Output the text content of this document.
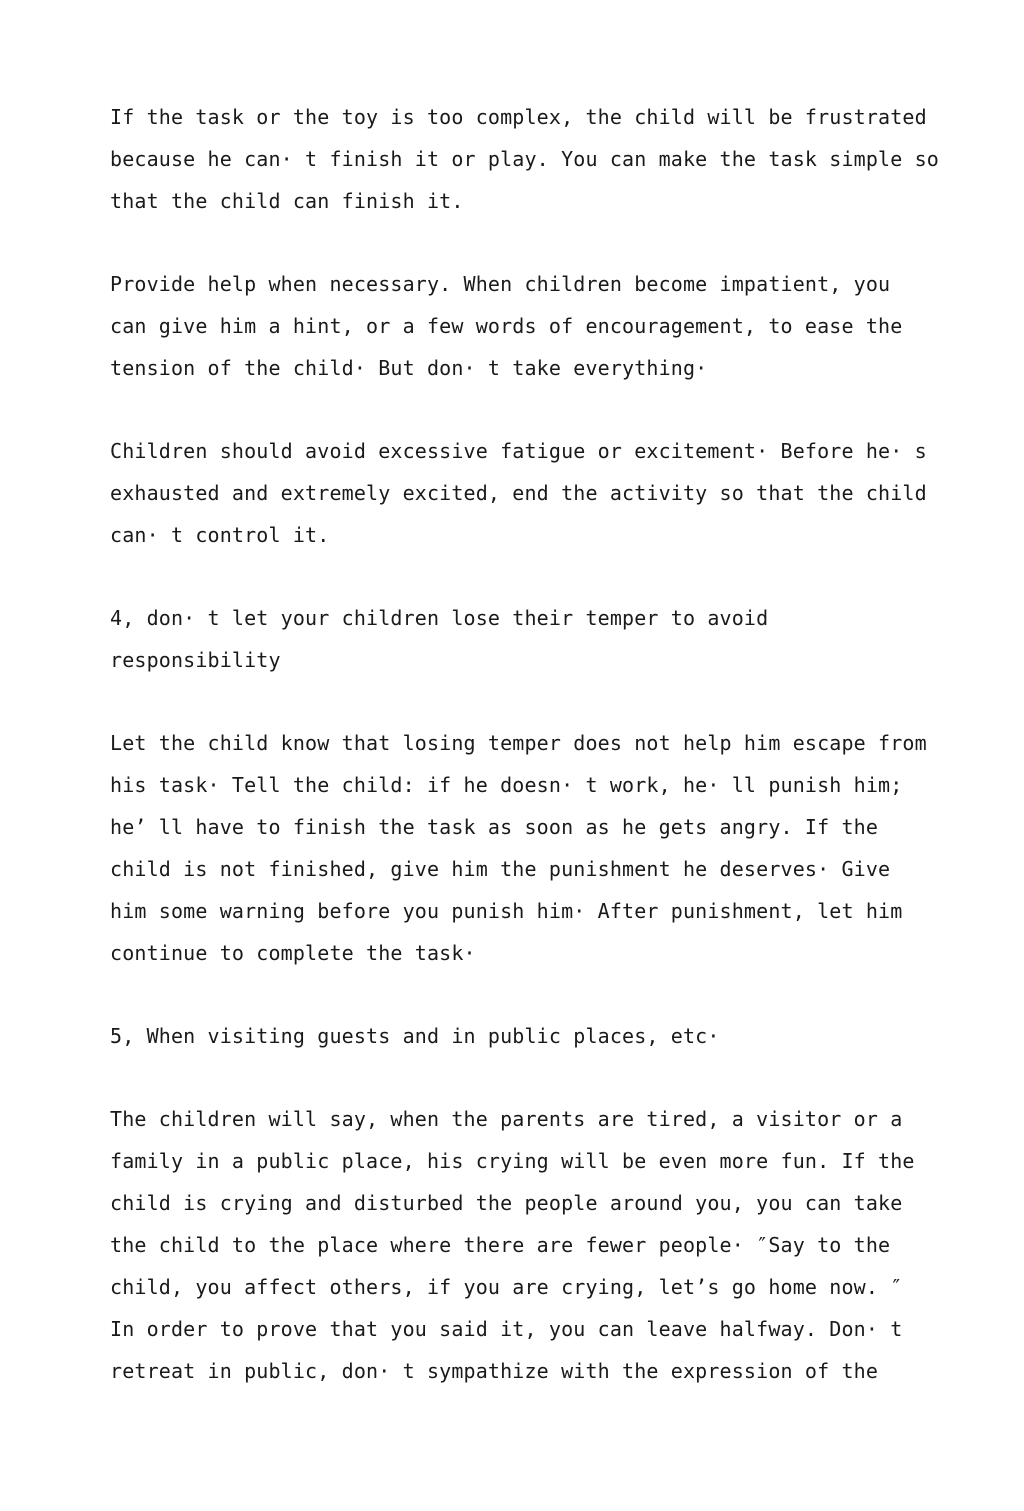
If the task or the toy is too complex, the child will be frustrated
because he can· t finish it or play. You can make the task simple so
that the child can finish it.
Provide help when necessary. When children become impatient, you
can give him a hint, or a few words of encouragement, to ease the
tension of the child· But don· t take everything·
Children should avoid excessive fatigue or excitement· Before he· s
exhausted and extremely excited, end the activity so that the child
can· t control it.
4, don· t let your children lose their temper to avoid
responsibility
Let the child know that losing temper does not help him escape from
his task· Tell the child: if he doesn· t work, he· ll punish him;
he’ ll have to finish the task as soon as he gets angry. If the
child is not finished, give him the punishment he deserves· Give
him some warning before you punish him· After punishment, let him
continue to complete the task·
5, When visiting guests and in public places, etc·
The children will say, when the parents are tired, a visitor or a
family in a public place, his crying will be even more fun. If the
child is crying and disturbed the people around you, you can take
the child to the place where there are fewer people· ″Say to the
child, you affect others, if you are crying, let’s go home now. ″
In order to prove that you said it, you can leave halfway. Don· t
retreat in public, don· t sympathize with the expression of the
